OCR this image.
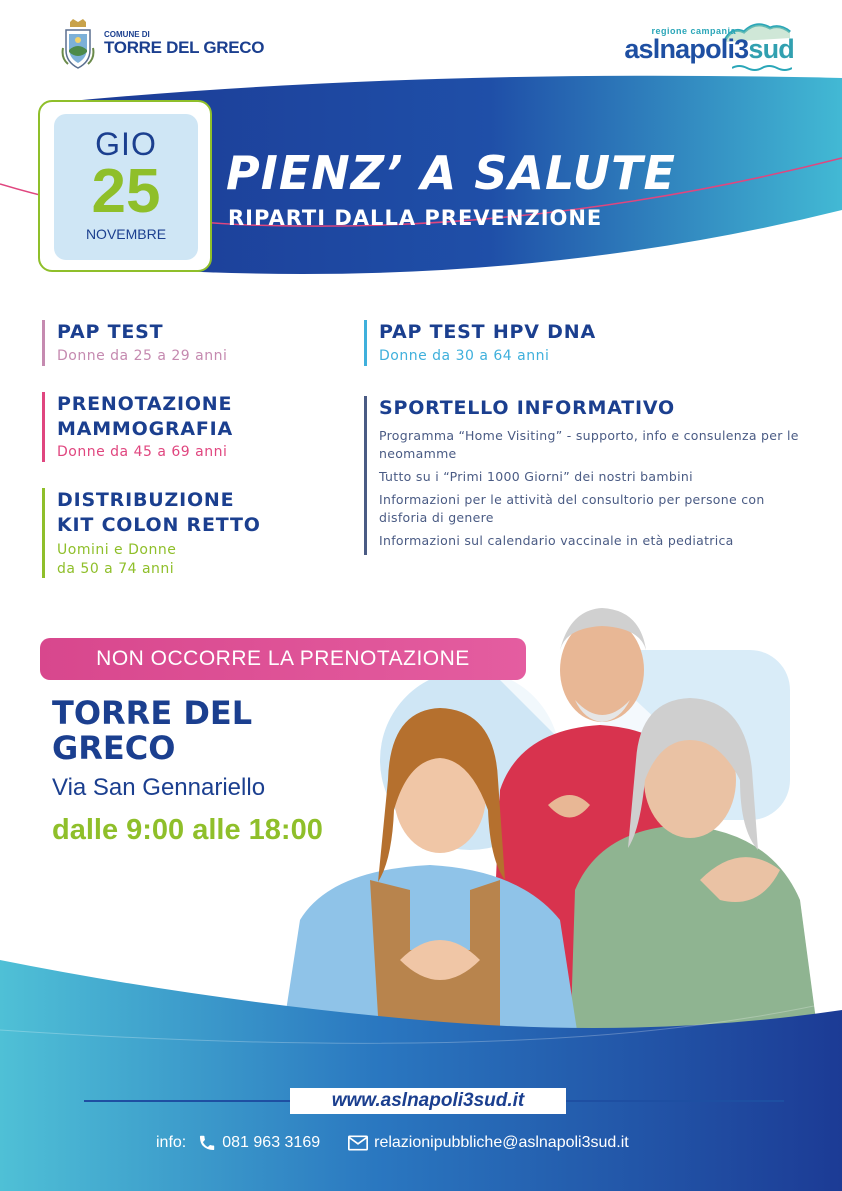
COMUNE DI
TORRE DEL GRECO
regione campania
aslnapoli3sud
GIO
25
NOVEMBRE
PIENZ’ A SALUTE
RIPARTI DALLA PREVENZIONE
PAP TEST
Donne da 25 a 29 anni
PRENOTAZIONE
MAMMOGRAFIA
Donne da 45 a 69 anni
DISTRIBUZIONE
KIT COLON RETTO
Uomini e Donne
da 50 a 74 anni
PAP TEST HPV DNA
Donne da 30 a 64 anni
SPORTELLO INFORMATIVO
Programma “Home Visiting” - supporto, info e consulenza per le neomamme
Tutto su i “Primi 1000 Giorni” dei nostri bambini
Informazioni per le attività del consultorio per persone con disforia di genere
Informazioni sul calendario vaccinale in età pediatrica
NON OCCORRE LA PRENOTAZIONE
TORRE DEL
GRECO
Via San Gennariello
dalle 9:00 alle 18:00
www.aslnapoli3sud.it
info: 081 963 3169	relazionipubbliche@aslnapoli3sud.it
